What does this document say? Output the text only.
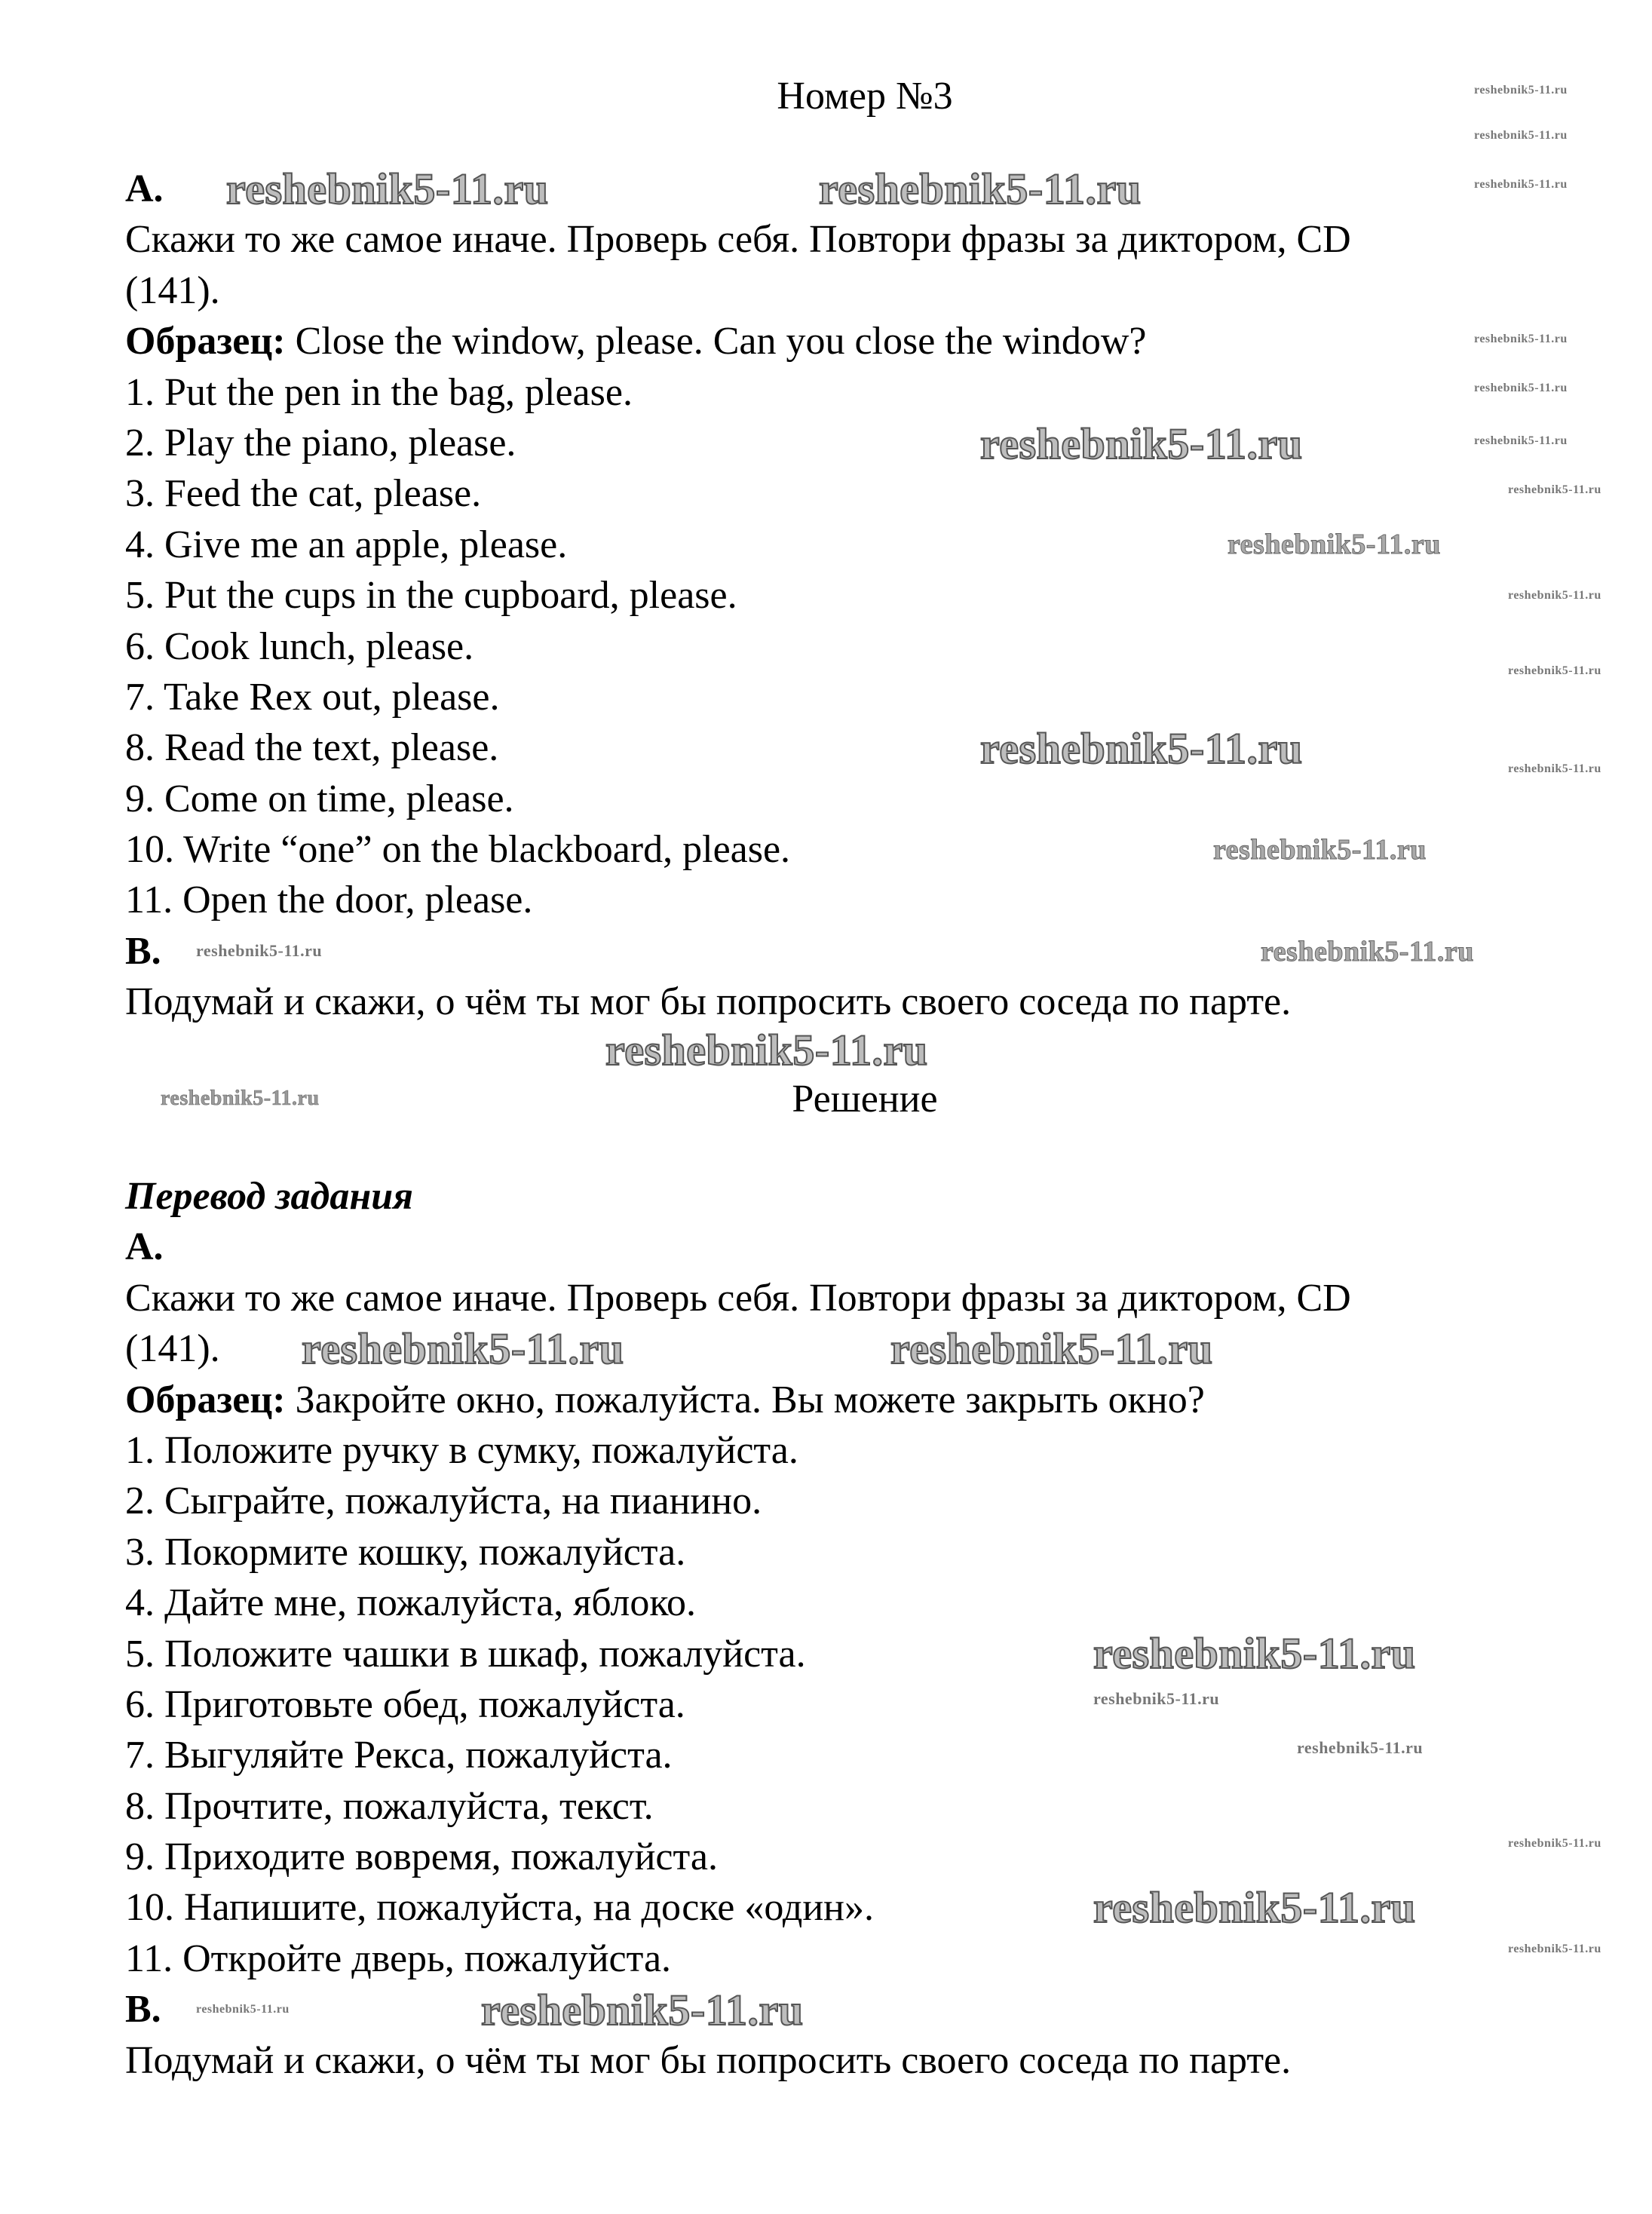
Номер №3
A.
Скажи то же самое иначе. Проверь себя. Повтори фразы за диктором, CD
(141).
Образец: Close the window, please. Can you close the window?
1. Put the pen in the bag, please.
2. Play the piano, please.
3. Feed the cat, please.
4. Give me an apple, please.
5. Put the cups in the cupboard, please.
6. Cook lunch, please.
7. Take Rex out, please.
8. Read the text, please.
9. Come on time, please.
10. Write “one” on the blackboard, please.
11. Open the door, please.
B.
Подумай и скажи, о чём ты мог бы попросить своего соседа по парте.
Решение
Перевод задания
A.
Скажи то же самое иначе. Проверь себя. Повтори фразы за диктором, CD
(141).
Образец: Закройте окно, пожалуйста. Вы можете закрыть окно?
1. Положите ручку в сумку, пожалуйста.
2. Сыграйте, пожалуйста, на пианино.
3. Покормите кошку, пожалуйста.
4. Дайте мне, пожалуйста, яблоко.
5. Положите чашки в шкаф, пожалуйста.
6. Приготовьте обед, пожалуйста.
7. Выгуляйте Рекса, пожалуйста.
8. Прочтите, пожалуйста, текст.
9. Приходите вовремя, пожалуйста.
10. Напишите, пожалуйста, на доске «один».
11. Откройте дверь, пожалуйста.
B.
Подумай и скажи, о чём ты мог бы попросить своего соседа по парте.
reshebnik5-11.ru	reshebnik5-11.ru
reshebnik5-11.ru
reshebnik5-11.ru
reshebnik5-11.ru
reshebnik5-11.ru	reshebnik5-11.ru
reshebnik5-11.ru
reshebnik5-11.ru
reshebnik5-11.ru
reshebnik5-11.ru
reshebnik5-11.ru
reshebnik5-11.ru
reshebnik5-11.ru
reshebnik5-11.ru
reshebnik5-11.ru
reshebnik5-11.ru
reshebnik5-11.ru
reshebnik5-11.ru
reshebnik5-11.ru
reshebnik5-11.ru
reshebnik5-11.ru
reshebnik5-11.ru
reshebnik5-11.ru
reshebnik5-11.ru
reshebnik5-11.ru
reshebnik5-11.ru
reshebnik5-11.ru
reshebnik5-11.ru
reshebnik5-11.ru
